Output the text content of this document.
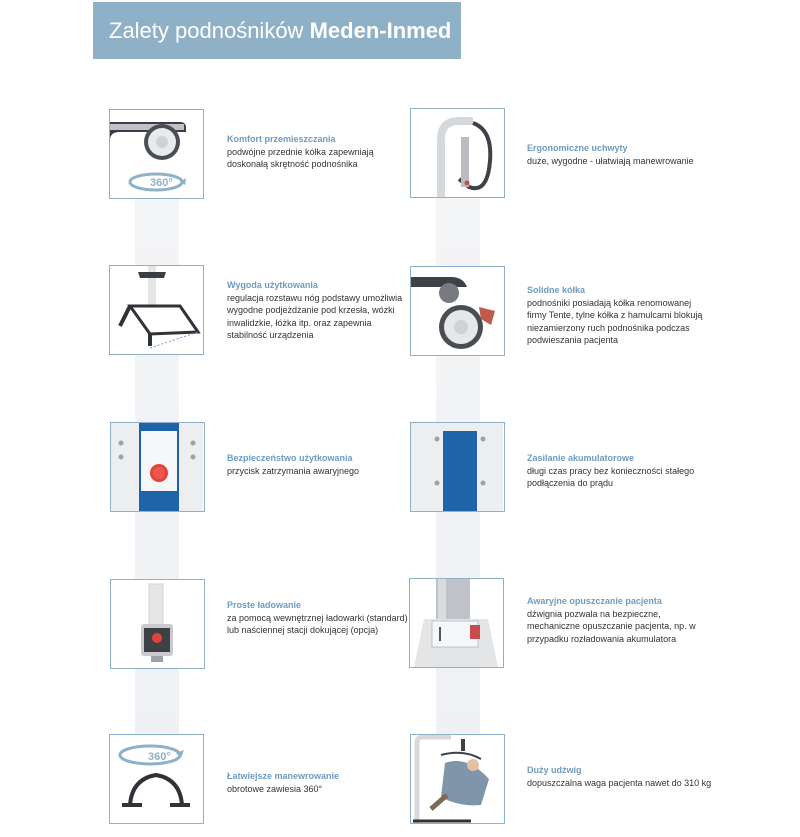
Zalety podnośników Meden-Inmed
360°
Komfort przemieszczania
podwójne przednie kółka zapewniają doskonałą skrętność podnośnika
Ergonomiczne uchwyty
duże, wygodne - ułatwiają manewrowanie
Wygoda użytkowania
regulacja rozstawu nóg podstawy umożliwia wygodne podjeżdżanie pod krzesła, wózki inwalidzkie, łóżka itp. oraz zapewnia stabilność urządzenia
Solidne kółka
podnośniki posiadają kółka renomowanej firmy Tente, tylne kółka z hamulcami blokują niezamierzony ruch podnośnika podczas podwieszania pacjenta
Bezpieczeństwo użytkowania
przycisk zatrzymania awaryjnego
Zasilanie akumulatorowe
długi czas pracy bez konieczności stałego podłączenia do prądu
Proste ładowanie
za pomocą wewnętrznej ładowarki (standard) lub naściennej stacji dokującej (opcja)
Awaryjne opuszczanie pacjenta
dźwignia pozwala na bezpieczne, mechaniczne opuszczanie pacjenta, np. w przypadku rozładowania akumulatora
360°
Łatwiejsze manewrowanie
obrotowe zawiesia 360°
Duży udźwig
dopuszczalna waga pacjenta nawet do 310 kg
